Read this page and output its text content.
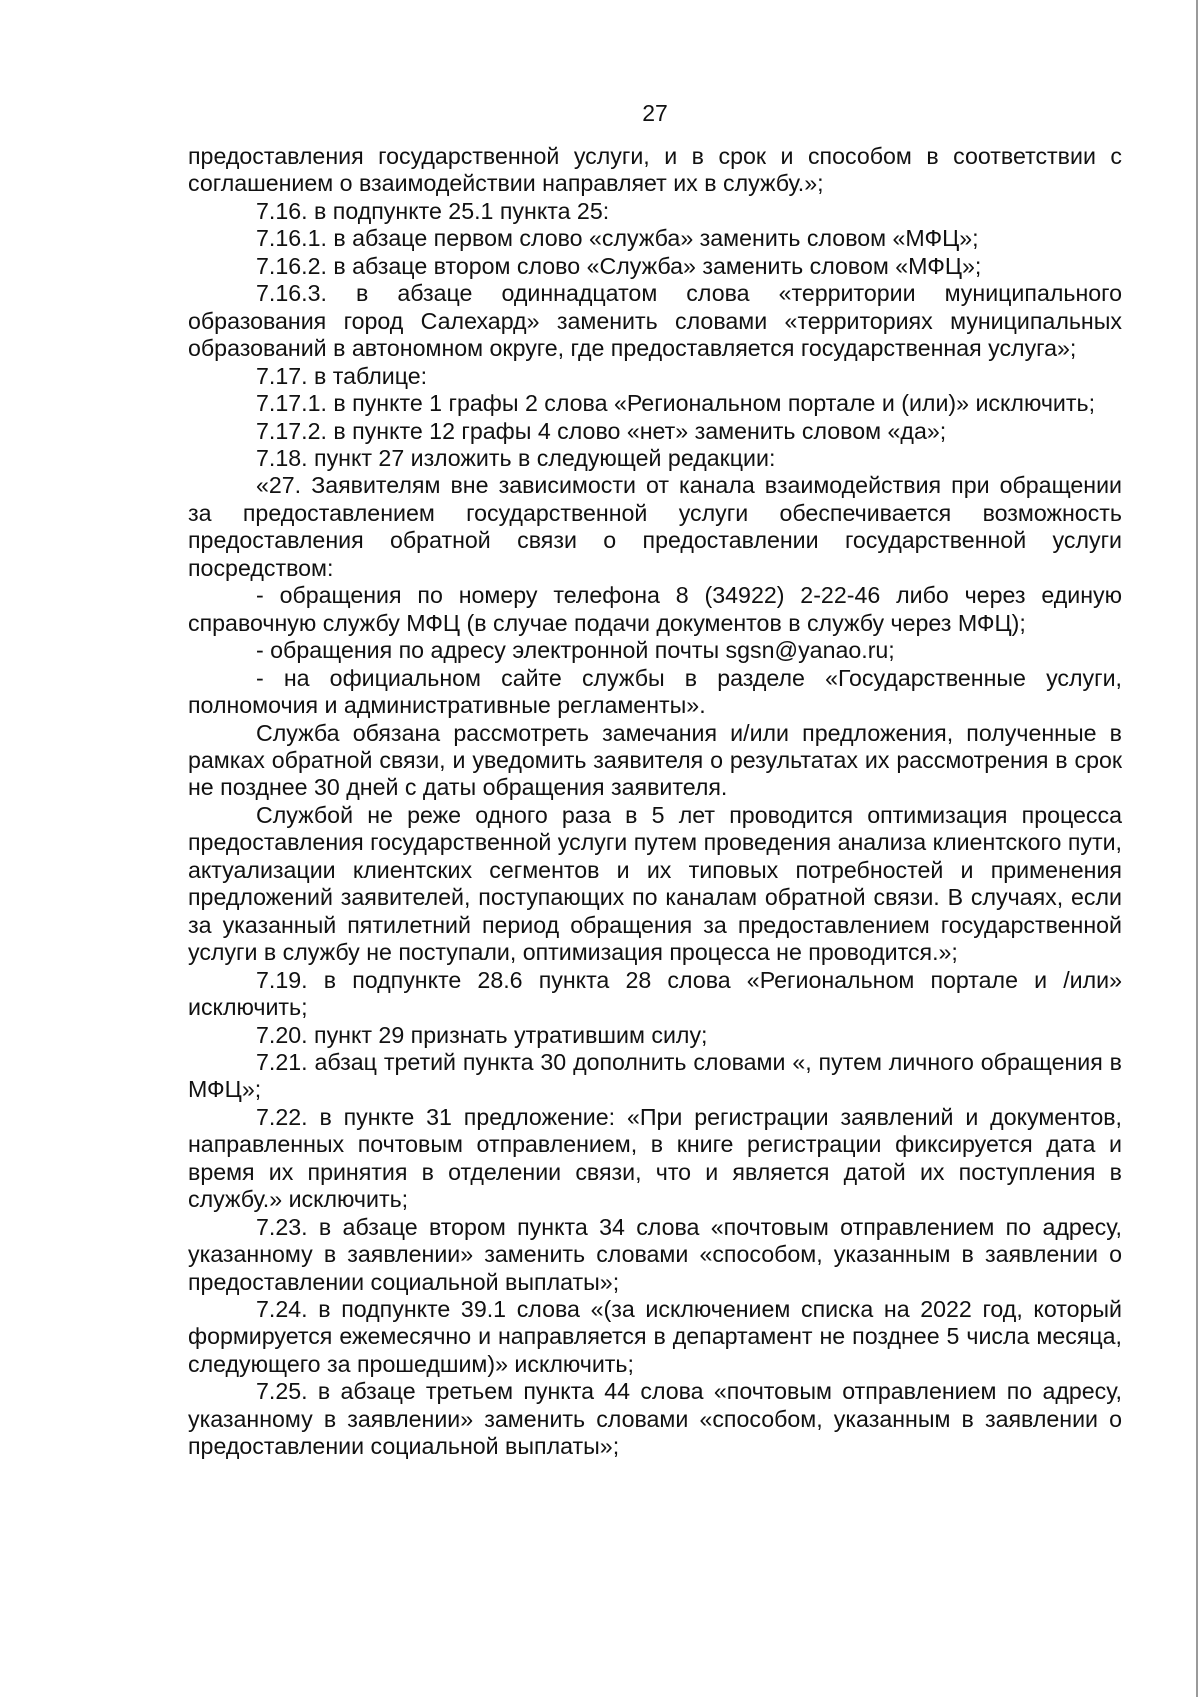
27

предоставления государственной услуги, и в срок и способом в соответствии с соглашением о взаимодействии направляет их в службу.»;

7.16. в подпункте 25.1 пункта 25:

7.16.1. в абзаце первом слово «служба» заменить словом «МФЦ»;

7.16.2. в абзаце втором слово «Служба» заменить словом «МФЦ»;

7.16.3. в абзаце одиннадцатом слова «территории муниципального образования город Салехард» заменить словами «территориях муниципальных образований в автономном округе, где предоставляется государственная услуга»;

7.17. в таблице:

7.17.1. в пункте 1 графы 2 слова «Региональном портале и (или)» исключить;

7.17.2. в пункте 12 графы 4 слово «нет» заменить словом «да»;

7.18. пункт 27 изложить в следующей редакции:

«27. Заявителям вне зависимости от канала взаимодействия при обращении за предоставлением государственной услуги обеспечивается возможность предоставления обратной связи о предоставлении государственной услуги посредством:

- обращения по номеру телефона 8 (34922) 2-22-46 либо через единую справочную службу МФЦ (в случае подачи документов в службу через МФЦ);

- обращения по адресу электронной почты sgsn@yanao.ru;

- на официальном сайте службы в разделе «Государственные услуги, полномочия и административные регламенты».

Служба обязана рассмотреть замечания и/или предложения, полученные в рамках обратной связи, и уведомить заявителя о результатах их рассмотрения в срок не позднее 30 дней с даты обращения заявителя.

Службой не реже одного раза в 5 лет проводится оптимизация процесса предоставления государственной услуги путем проведения анализа клиентского пути, актуализации клиентских сегментов и их типовых потребностей и применения предложений заявителей, поступающих по каналам обратной связи. В случаях, если за указанный пятилетний период обращения за предоставлением государственной услуги в службу не поступали, оптимизация процесса не проводится.»;

7.19. в подпункте 28.6 пункта 28 слова «Региональном портале и /или» исключить;

7.20. пункт 29 признать утратившим силу;

7.21. абзац третий пункта 30 дополнить словами «, путем личного обращения в МФЦ»;

7.22. в пункте 31 предложение: «При регистрации заявлений и документов, направленных почтовым отправлением, в книге регистрации фиксируется дата и время их принятия в отделении связи, что и является датой их поступления в службу.» исключить;

7.23. в абзаце втором пункта 34 слова «почтовым отправлением по адресу, указанному в заявлении» заменить словами «способом, указанным в заявлении о предоставлении социальной выплаты»;

7.24. в подпункте 39.1 слова «(за исключением списка на 2022 год, который формируется ежемесячно и направляется в департамент не позднее 5 числа месяца, следующего за прошедшим)» исключить;

7.25. в абзаце третьем пункта 44 слова «почтовым отправлением по адресу, указанному в заявлении» заменить словами «способом, указанным в заявлении о предоставлении социальной выплаты»;
